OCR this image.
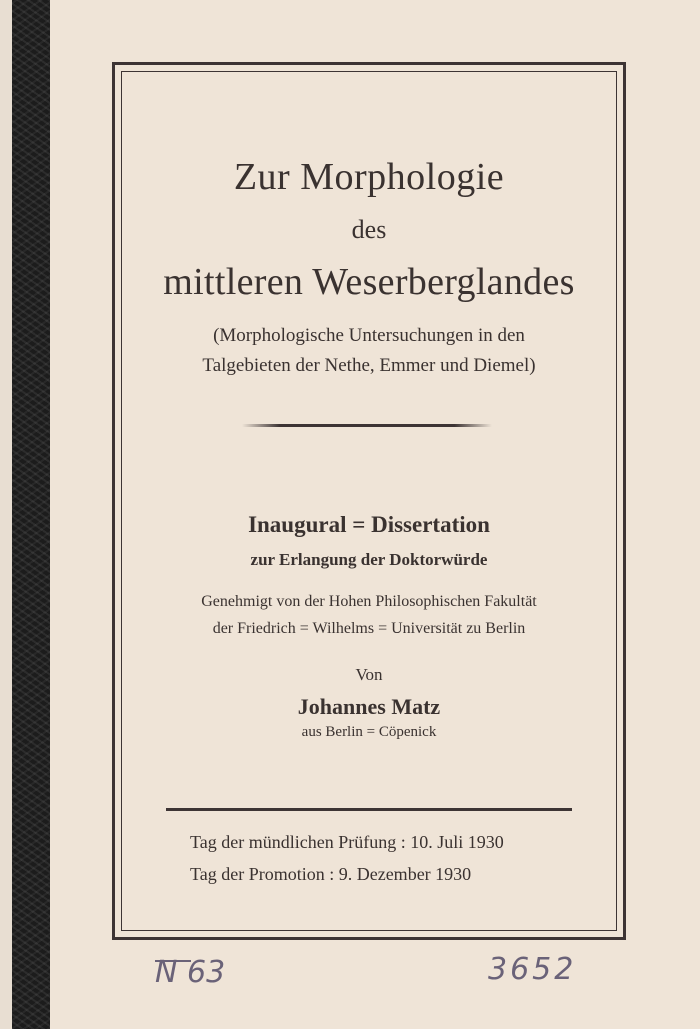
Zur Morphologie
des
mittleren Weserberglandes
(Morphologische Untersuchungen in den
Talgebieten der Nethe, Emmer und Diemel)
Inaugural = Dissertation
zur Erlangung der Doktorwürde
Genehmigt von der Hohen Philosophischen Fakultät
der Friedrich = Wilhelms = Universität zu Berlin
Von
Johannes Matz
aus Berlin = Cöpenick
Tag der mündlichen Prüfung : 10. Juli 1930
Tag der Promotion : 9. Dezember 1930
N 63	3652
